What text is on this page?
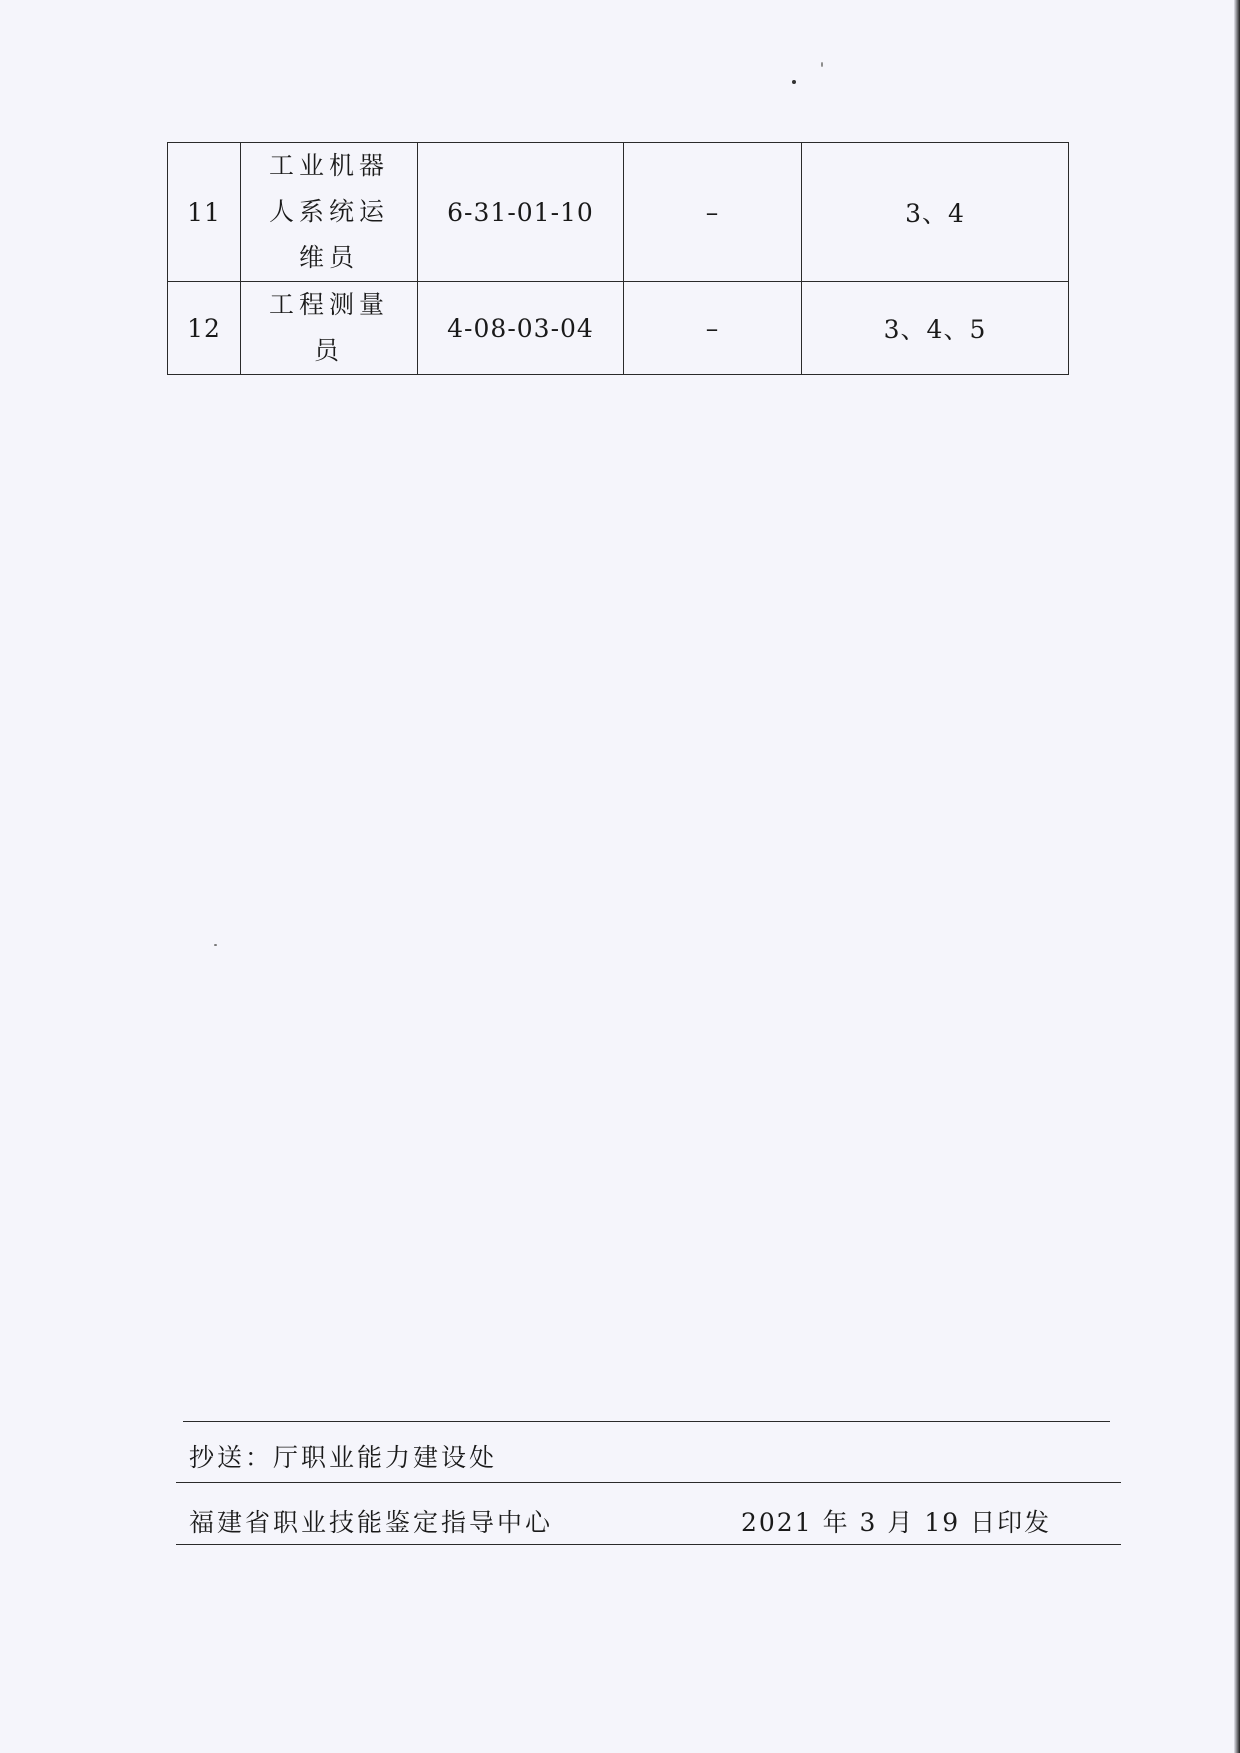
11	工业机器人系统运维员	6-31-01-10	–	3、4
12	工程测量员	4-08-03-04	–	3、4、5
抄送：厅职业能力建设处
福建省职业技能鉴定指导中心	2021 年 3 月 19 日印发
